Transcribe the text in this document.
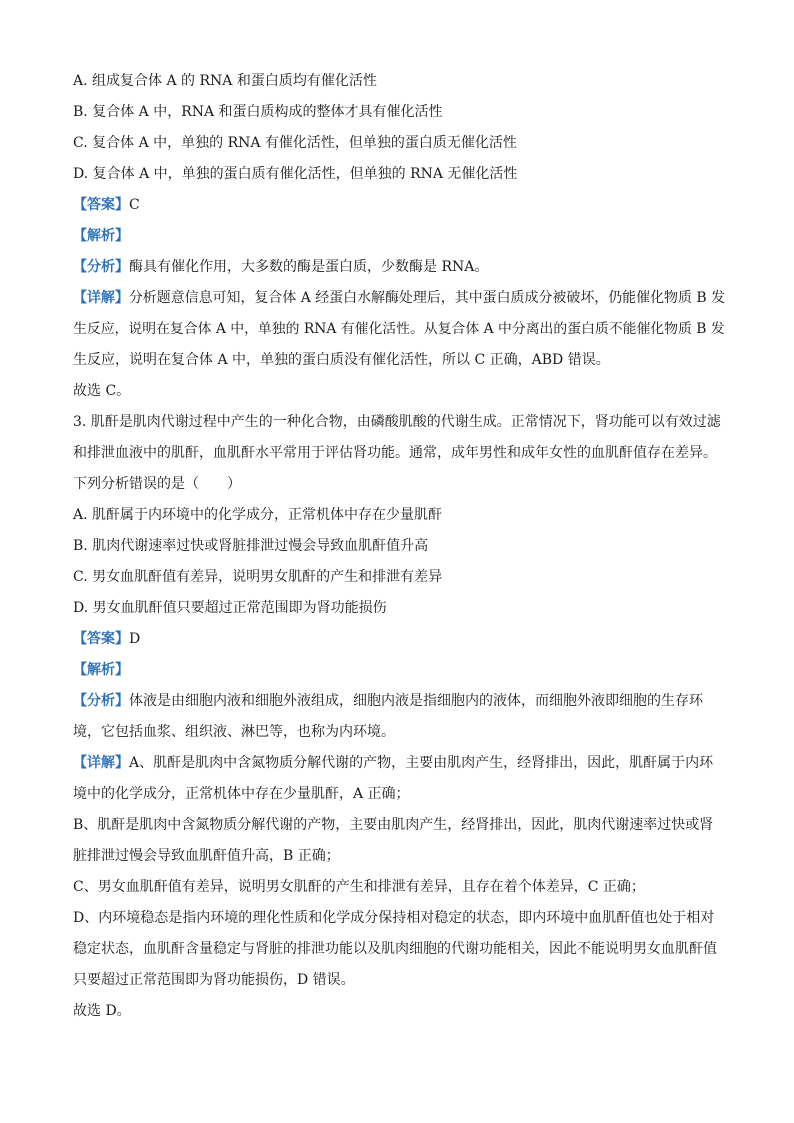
A. 组成复合体 A 的 RNA 和蛋白质均有催化活性

B. 复合体 A 中，RNA 和蛋白质构成的整体才具有催化活性

C. 复合体 A 中，单独的 RNA 有催化活性，但单独的蛋白质无催化活性

D. 复合体 A 中，单独的蛋白质有催化活性，但单独的 RNA 无催化活性

【答案】C

【解析】

【分析】酶具有催化作用，大多数的酶是蛋白质，少数酶是 RNA。

【详解】分析题意信息可知，复合体 A 经蛋白水解酶处理后，其中蛋白质成分被破坏，仍能催化物质 B 发

生反应，说明在复合体 A 中，单独的 RNA 有催化活性。从复合体 A 中分离出的蛋白质不能催化物质 B 发

生反应，说明在复合体 A 中，单独的蛋白质没有催化活性，所以 C 正确，ABD 错误。

故选 C。

3. 肌酐是肌肉代谢过程中产生的一种化合物，由磷酸肌酸的代谢生成。正常情况下，肾功能可以有效过滤

和排泄血液中的肌酐，血肌酐水平常用于评估肾功能。通常，成年男性和成年女性的血肌酐值存在差异。

下列分析错误的是（　　）

A. 肌酐属于内环境中的化学成分，正常机体中存在少量肌酐

B. 肌肉代谢速率过快或肾脏排泄过慢会导致血肌酐值升高

C. 男女血肌酐值有差异，说明男女肌酐的产生和排泄有差异

D. 男女血肌酐值只要超过正常范围即为肾功能损伤

【答案】D

【解析】

【分析】体液是由细胞内液和细胞外液组成，细胞内液是指细胞内的液体，而细胞外液即细胞的生存环

境，它包括血浆、组织液、淋巴等，也称为内环境。

【详解】A、肌酐是肌肉中含氮物质分解代谢的产物，主要由肌肉产生，经肾排出，因此，肌酐属于内环

境中的化学成分，正常机体中存在少量肌酐，A 正确；

B、肌酐是肌肉中含氮物质分解代谢的产物，主要由肌肉产生，经肾排出，因此，肌肉代谢速率过快或肾

脏排泄过慢会导致血肌酐值升高，B 正确；

C、男女血肌酐值有差异，说明男女肌酐的产生和排泄有差异，且存在着个体差异，C 正确；

D、内环境稳态是指内环境的理化性质和化学成分保持相对稳定的状态，即内环境中血肌酐值也处于相对

稳定状态，血肌酐含量稳定与肾脏的排泄功能以及肌肉细胞的代谢功能相关，因此不能说明男女血肌酐值

只要超过正常范围即为肾功能损伤，D 错误。

故选 D。
